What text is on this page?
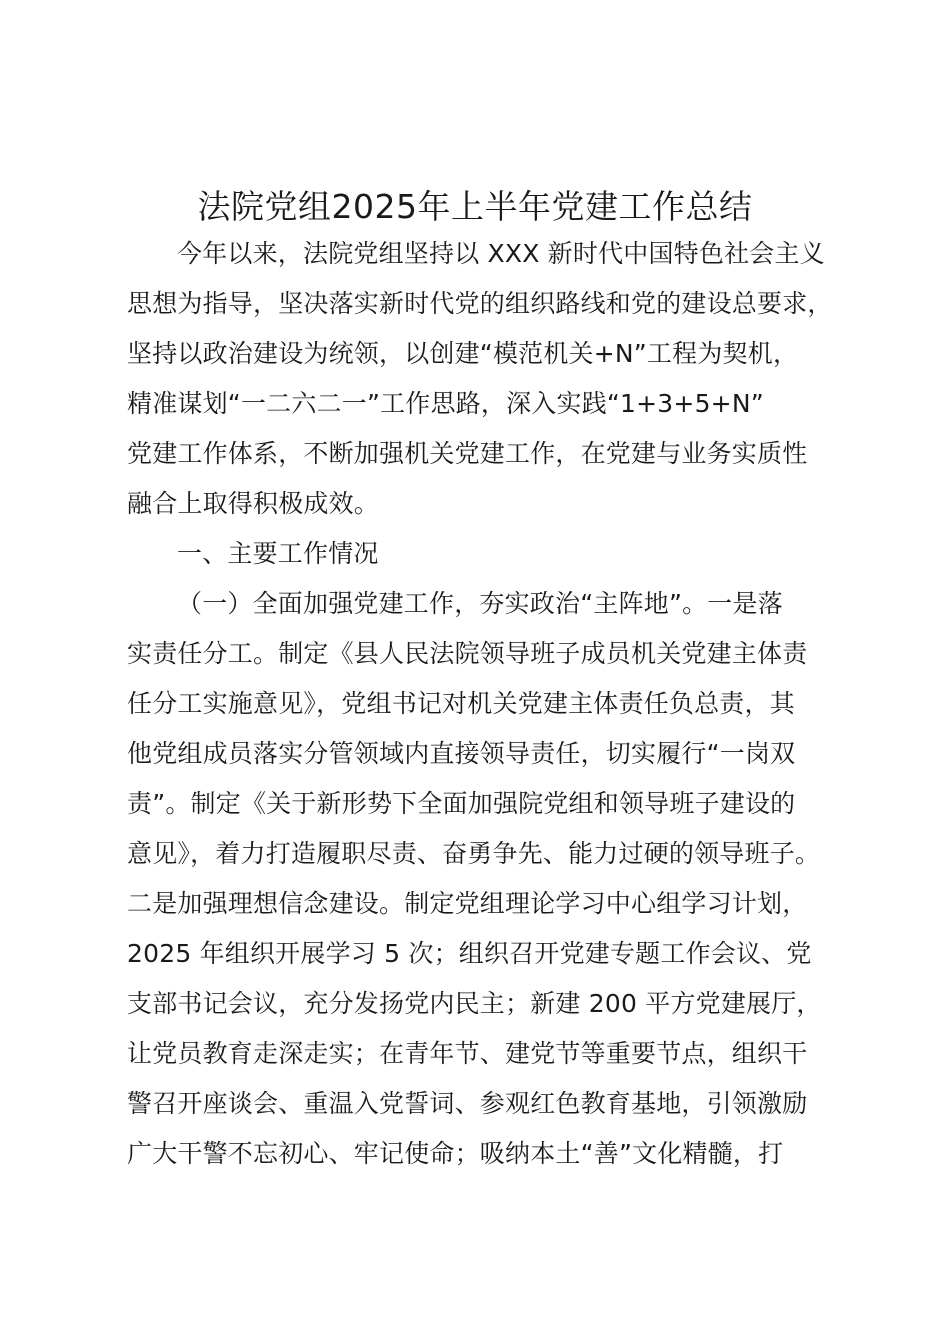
法院党组2025年上半年党建工作总结
今年以来，法院党组坚持以 XXX 新时代中国特色社会主义
思想为指导，坚决落实新时代党的组织路线和党的建设总要求，
坚持以政治建设为统领，以创建“模范机关+N”工程为契机，
精准谋划“一二六二一”工作思路，深入实践“1+3+5+N”
党建工作体系，不断加强机关党建工作，在党建与业务实质性
融合上取得积极成效。
一、主要工作情况
（一）全面加强党建工作，夯实政治“主阵地”。一是落
实责任分工。制定《县人民法院领导班子成员机关党建主体责
任分工实施意见》，党组书记对机关党建主体责任负总责，其
他党组成员落实分管领域内直接领导责任，切实履行“一岗双
责”。制定《关于新形势下全面加强院党组和领导班子建设的
意见》，着力打造履职尽责、奋勇争先、能力过硬的领导班子。
二是加强理想信念建设。制定党组理论学习中心组学习计划，
2025 年组织开展学习 5 次；组织召开党建专题工作会议、党
支部书记会议，充分发扬党内民主；新建 200 平方党建展厅，
让党员教育走深走实；在青年节、建党节等重要节点，组织干
警召开座谈会、重温入党誓词、参观红色教育基地，引领激励
广大干警不忘初心、牢记使命；吸纳本土“善”文化精髓，打
